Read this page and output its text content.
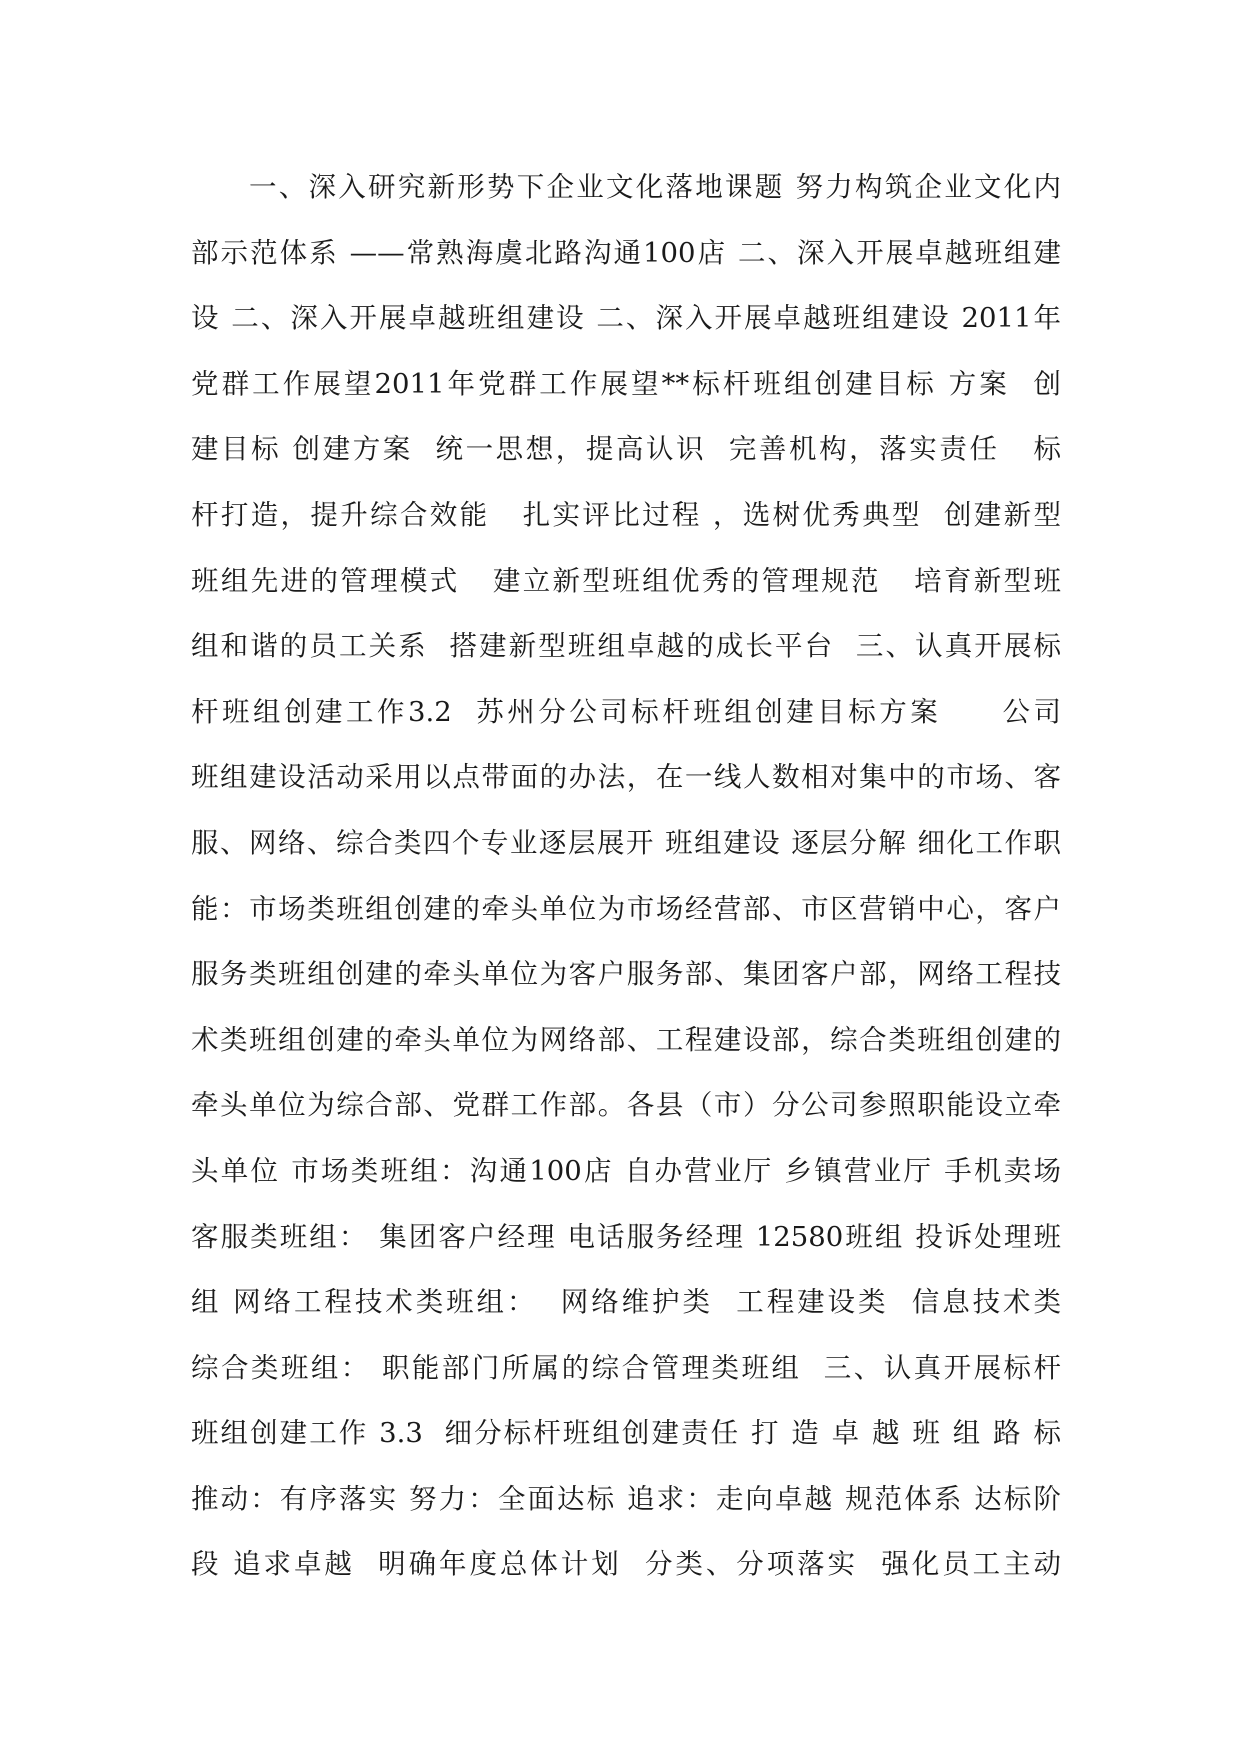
一、深入研究新形势下企业文化落地课题 努力构筑企业文化内
部示范体系 ——常熟海虞北路沟通100店 二、深入开展卓越班组建
设 二、深入开展卓越班组建设 二、深入开展卓越班组建设 2011年
党群工作展望2011年党群工作展望**标杆班组创建目标 方案  创
建目标 创建方案  统一思想，提高认识  完善机构，落实责任   标
杆打造，提升综合效能   扎实评比过程 ，选树优秀典型  创建新型
班组先进的管理模式   建立新型班组优秀的管理规范   培育新型班
组和谐的员工关系  搭建新型班组卓越的成长平台  三、认真开展标
杆班组创建工作3.2  苏州分公司标杆班组创建目标方案     公司
班组建设活动采用以点带面的办法，在一线人数相对集中的市场、客
服、网络、综合类四个专业逐层展开 班组建设 逐层分解 细化工作职
能：市场类班组创建的牵头单位为市场经营部、市区营销中心，客户
服务类班组创建的牵头单位为客户服务部、集团客户部，网络工程技
术类班组创建的牵头单位为网络部、工程建设部，综合类班组创建的
牵头单位为综合部、党群工作部。各县（市）分公司参照职能设立牵
头单位 市场类班组：沟通100店 自办营业厅 乡镇营业厅 手机卖场
客服类班组： 集团客户经理 电话服务经理 12580班组 投诉处理班
组 网络工程技术类班组：  网络维护类  工程建设类  信息技术类
综合类班组： 职能部门所属的综合管理类班组  三、认真开展标杆
班组创建工作 3.3  细分标杆班组创建责任 打 造 卓 越 班 组 路 标
推动：有序落实 努力：全面达标 追求：走向卓越 规范体系 达标阶
段 追求卓越  明确年度总体计划  分类、分项落实  强化员工主动
